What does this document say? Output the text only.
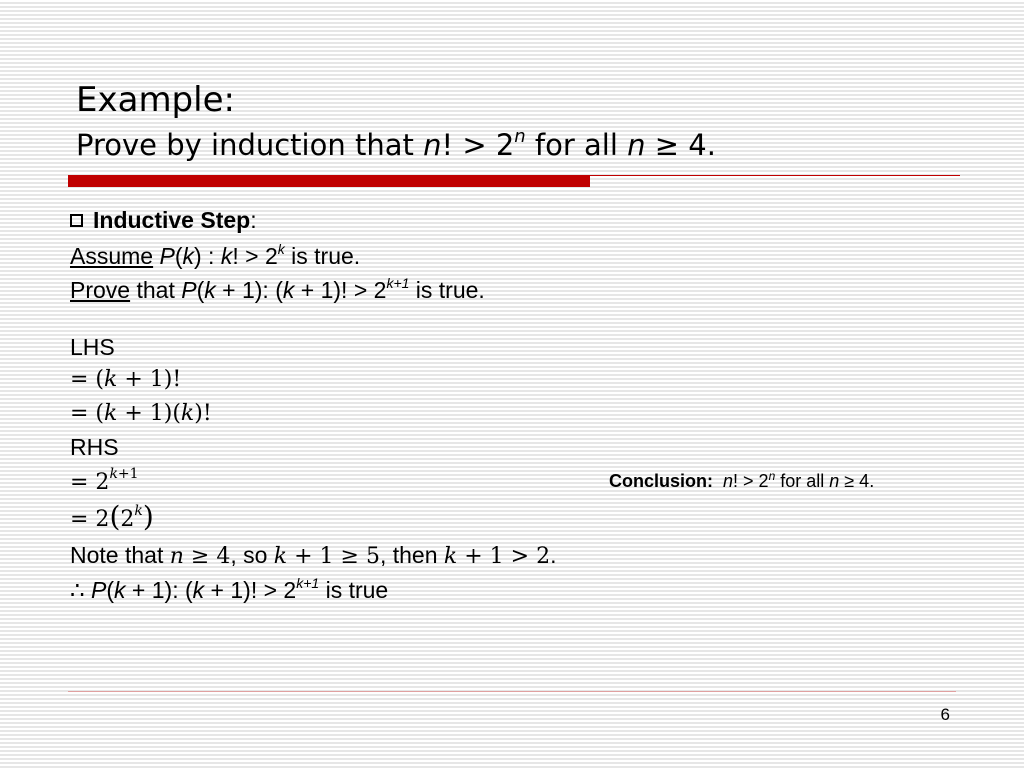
Example:
Prove by induction that n! > $2^n$ for all n ≥ 4.
Inductive Step:
Assume P(k) : k! > $2^k$ is true.
Prove that P(k + 1): (k + 1)! > $2^{k+1}$ is true.
LHS
= (𝑘 + 1)!
= (𝑘 + 1)(𝑘)!
RHS
= $2^{𝑘+1}$
= $2(2^𝑘)$
Note that 𝑛 ≥ 4, so 𝑘 + 1 ≥ 5, then 𝑘 + 1 > 2.
∴ P(k + 1): (k + 1)! > $2^{k+1}$ is true
Conclusion: n! > $2^n$ for all n ≥ 4.
6
